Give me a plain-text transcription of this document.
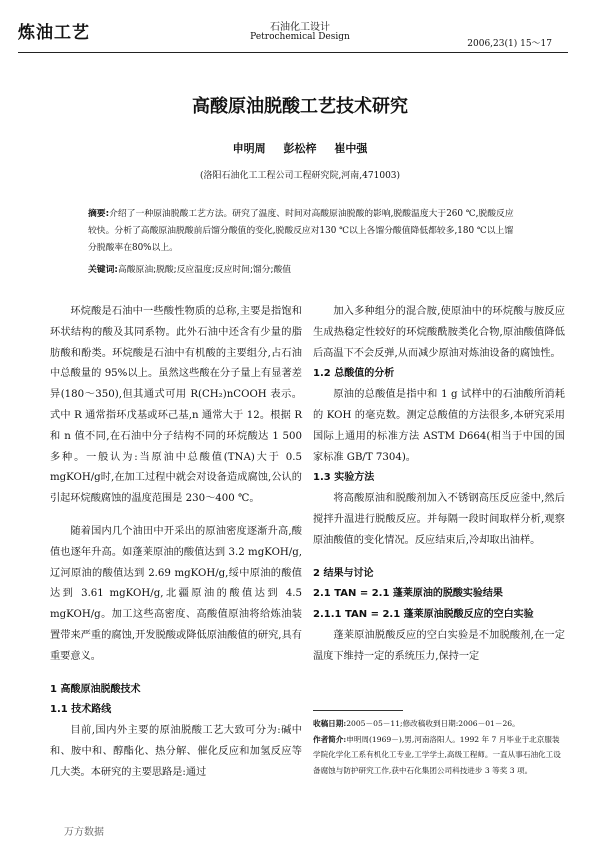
炼油工艺	石油化工设计
Petrochemical Design
2006,23(1) 15～17
高酸原油脱酸工艺技术研究
申明周 彭松梓 崔中强
(洛阳石油化工工程公司工程研究院,河南,471003)
摘要:介绍了一种原油脱酸工艺方法。研究了温度、时间对高酸原油脱酸的影响,脱酸温度大于260 ℃,脱酸反应较快。分析了高酸原油脱酸前后馏分酸值的变化,脱酸反应对130 ℃以上各馏分酸值降低都较多,180 ℃以上馏分脱酸率在80%以上。
关键词:高酸原油;脱酸;反应温度;反应时间;馏分;酸值

环烷酸是石油中一些酸性物质的总称,主要是指饱和环状结构的酸及其同系物。此外石油中还含有少量的脂肪酸和酚类。环烷酸是石油中有机酸的主要组分,占石油中总酸量的 95%以上。虽然这些酸在分子量上有显著差异(180～350),但其通式可用 R(CH₂)nCOOH 表示。式中 R 通常指环戊基或环己基,n 通常大于 12。根据 R 和 n 值不同,在石油中分子结构不同的环烷酸达 1 500 多种。一般认为:当原油中总酸值(TNA)大于 0.5 mgKOH/g时,在加工过程中就会对设备造成腐蚀,公认的引起环烷酸腐蚀的温度范围是 230～400 ℃。

随着国内几个油田中开采出的原油密度逐渐升高,酸值也逐年升高。如蓬莱原油的酸值达到 3.2 mgKOH/g,辽河原油的酸值达到 2.69 mgKOH/g,绥中原油的酸值达到 3.61 mgKOH/g,北疆原油的酸值达到 4.5 mgKOH/g。加工这些高密度、高酸值原油将给炼油装置带来严重的腐蚀,开发脱酸或降低原油酸值的研究,具有重要意义。

1 高酸原油脱酸技术
1.1 技术路线

目前,国内外主要的原油脱酸工艺大致可分为:碱中和、胺中和、醇酯化、热分解、催化反应和加氢反应等几大类。本研究的主要思路是:通过

加入多种组分的混合胺,使原油中的环烷酸与胺反应生成热稳定性较好的环烷酸酰胺类化合物,原油酸值降低后高温下不会反弹,从而减少原油对炼油设备的腐蚀性。

1.2 总酸值的分析

原油的总酸值是指中和 1 g 试样中的石油酸所消耗的 KOH 的毫克数。测定总酸值的方法很多,本研究采用国际上通用的标准方法 ASTM D664(相当于中国的国家标准 GB/T 7304)。

1.3 实验方法

将高酸原油和脱酸剂加入不锈钢高压反应釜中,然后搅拌升温进行脱酸反应。并每隔一段时间取样分析,观察原油酸值的变化情况。反应结束后,冷却取出油样。

2 结果与讨论
2.1 TAN = 2.1 蓬莱原油的脱酸实验结果
2.1.1 TAN = 2.1 蓬莱原油脱酸反应的空白实验

蓬莱原油脱酸反应的空白实验是不加脱酸剂,在一定温度下维持一定的系统压力,保持一定

收稿日期:2005－05－11;修改稿收到日期:2006－01－26。
作者简介:申明周(1969－),男,河南洛阳人。1992 年 7 月毕业于北京服装学院化学化工系有机化工专业,工学学士,高级工程师。一直从事石油化工设备腐蚀与防护研究工作,获中石化集团公司科技进步 3 等奖 3 项。
万方数据
